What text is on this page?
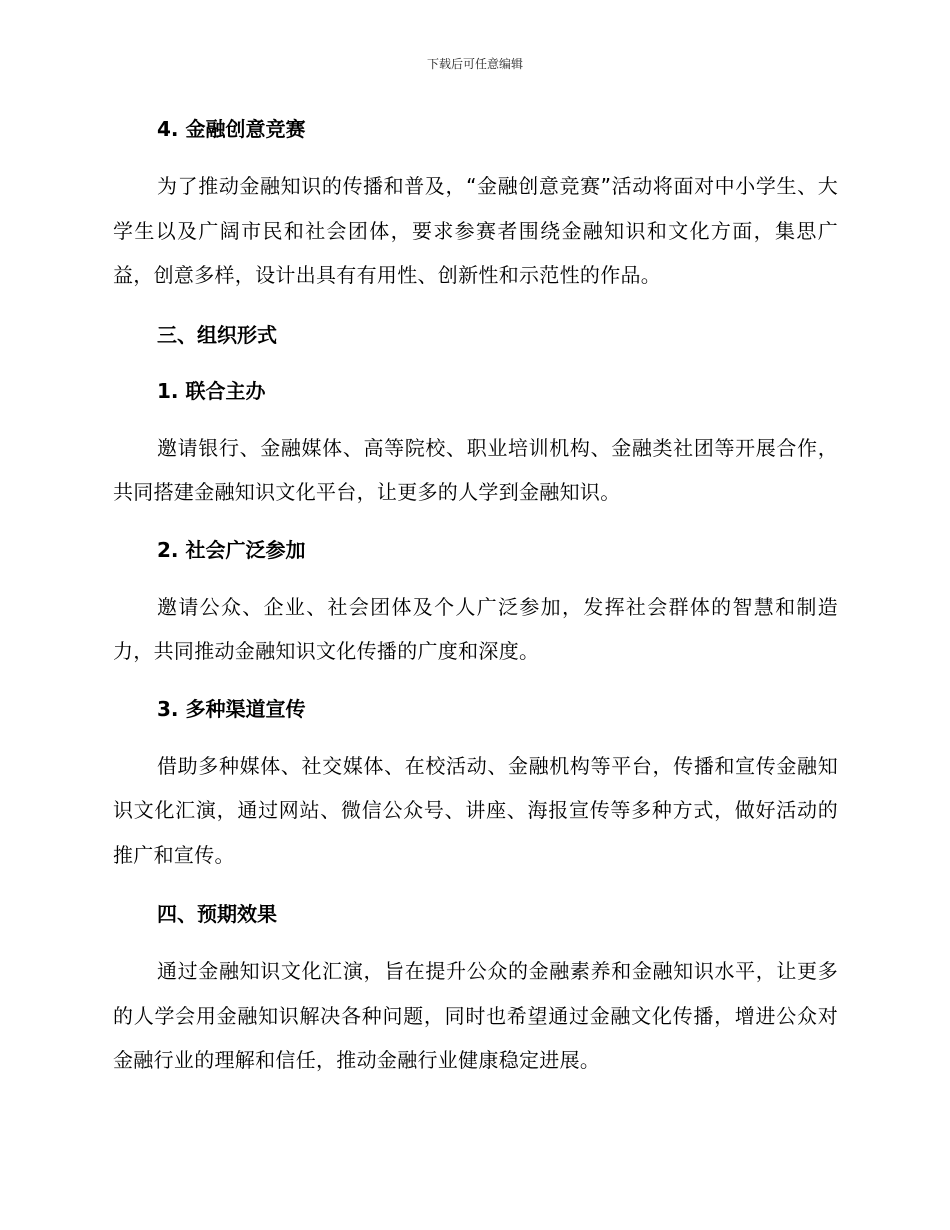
下载后可任意编辑
4. 金融创意竞赛

为了推动金融知识的传播和普及，“金融创意竞赛”活动将面对中小学生、大学生以及广阔市民和社会团体，要求参赛者围绕金融知识和文化方面，集思广益，创意多样，设计出具有有用性、创新性和示范性的作品。

三、组织形式
1. 联合主办

邀请银行、金融媒体、高等院校、职业培训机构、金融类社团等开展合作，共同搭建金融知识文化平台，让更多的人学到金融知识。

2. 社会广泛参加

邀请公众、企业、社会团体及个人广泛参加，发挥社会群体的智慧和制造力，共同推动金融知识文化传播的广度和深度。

3. 多种渠道宣传

借助多种媒体、社交媒体、在校活动、金融机构等平台，传播和宣传金融知识文化汇演，通过网站、微信公众号、讲座、海报宣传等多种方式，做好活动的推广和宣传。

四、预期效果

通过金融知识文化汇演，旨在提升公众的金融素养和金融知识水平，让更多的人学会用金融知识解决各种问题，同时也希望通过金融文化传播，增进公众对金融行业的理解和信任，推动金融行业健康稳定进展。
